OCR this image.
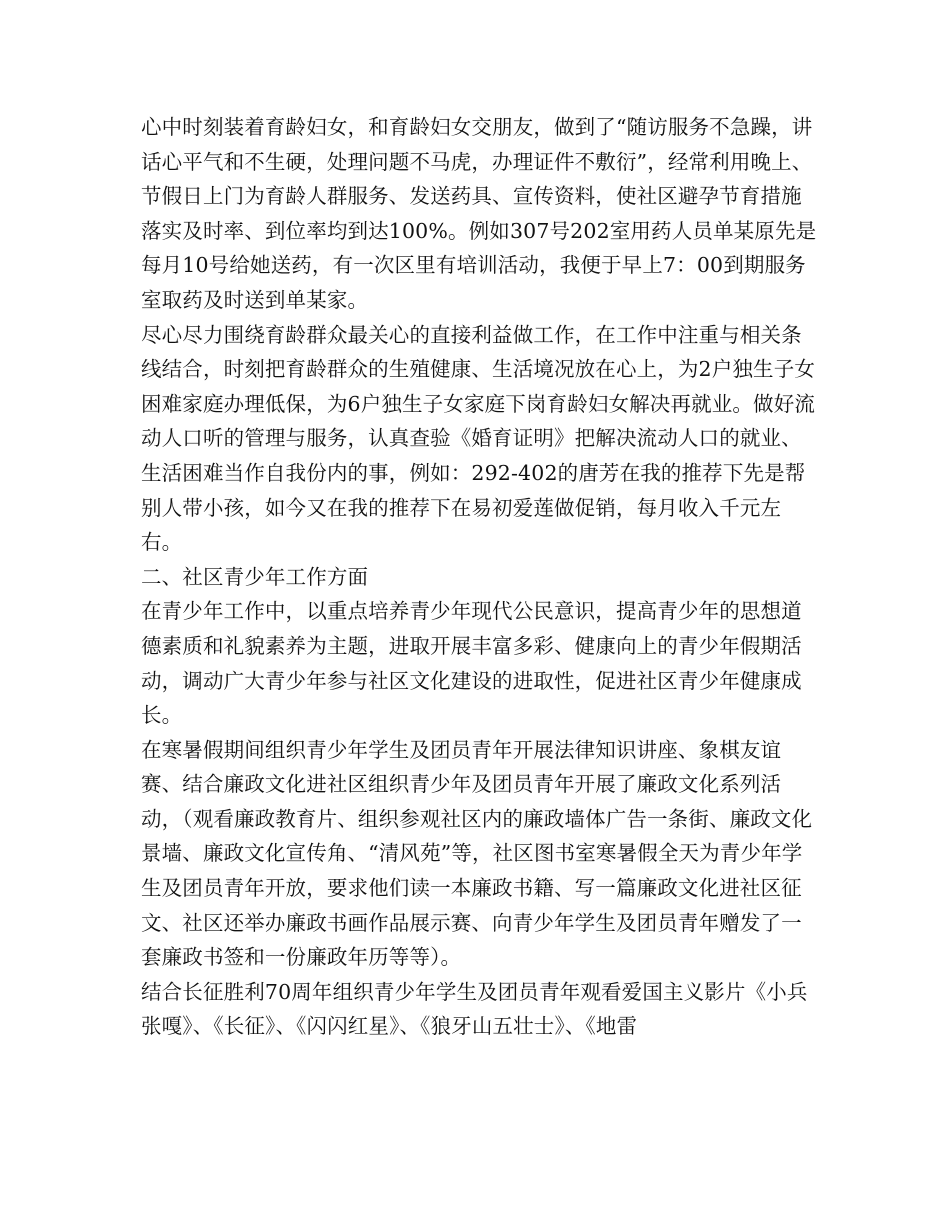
心中时刻装着育龄妇女，和育龄妇女交朋友，做到了“随访服务不急躁，讲话心平气和不生硬，处理问题不马虎，办理证件不敷衍”，经常利用晚上、节假日上门为育龄人群服务、发送药具、宣传资料，使社区避孕节育措施落实及时率、到位率均到达100%。例如307号202室用药人员单某原先是每月10号给她送药，有一次区里有培训活动，我便于早上7：00到期服务室取药及时送到单某家。

尽心尽力围绕育龄群众最关心的直接利益做工作，在工作中注重与相关条线结合，时刻把育龄群众的生殖健康、生活境况放在心上，为2户独生子女困难家庭办理低保，为6户独生子女家庭下岗育龄妇女解决再就业。做好流动人口听的管理与服务，认真查验《婚育证明》把解决流动人口的就业、生活困难当作自我份内的事，例如：292-402的唐芳在我的推荐下先是帮别人带小孩，如今又在我的推荐下在易初爱莲做促销，每月收入千元左右。

二、社区青少年工作方面

在青少年工作中，以重点培养青少年现代公民意识，提高青少年的思想道德素质和礼貌素养为主题，进取开展丰富多彩、健康向上的青少年假期活动，调动广大青少年参与社区文化建设的进取性，促进社区青少年健康成长。

在寒暑假期间组织青少年学生及团员青年开展法律知识讲座、象棋友谊赛、结合廉政文化进社区组织青少年及团员青年开展了廉政文化系列活动，（观看廉政教育片、组织参观社区内的廉政墙体广告一条街、廉政文化景墙、廉政文化宣传角、“清风苑”等，社区图书室寒暑假全天为青少年学生及团员青年开放，要求他们读一本廉政书籍、写一篇廉政文化进社区征文、社区还举办廉政书画作品展示赛、向青少年学生及团员青年赠发了一套廉政书签和一份廉政年历等等）。

结合长征胜利70周年组织青少年学生及团员青年观看爱国主义影片《小兵张嘎》、《长征》、《闪闪红星》、《狼牙山五壮士》、《地雷
